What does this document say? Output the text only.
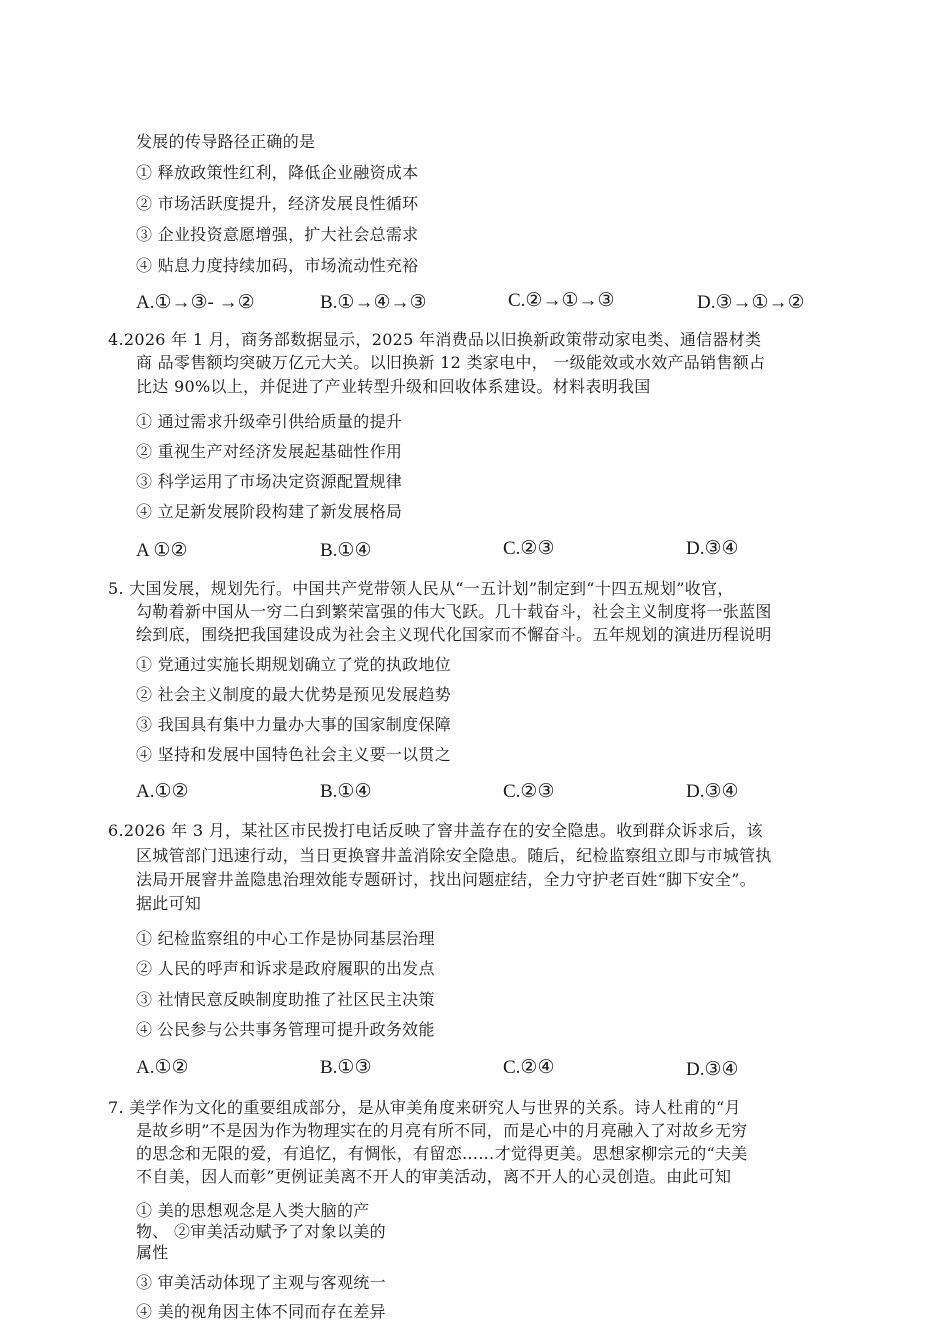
发展的传导路径正确的是
① 释放政策性红利，降低企业融资成本
② 市场活跃度提升，经济发展良性循环
③ 企业投资意愿增强，扩大社会总需求
④ 贴息力度持续加码，市场流动性充裕
A.①→③- →②	B.①→④→③	C.②→①→③	D.③→①→②
4.2026 年 1 月，商务部数据显示，2025 年消费品以旧换新政策带动家电类、通信器材类
商 品零售额均突破万亿元大关。以旧换新 12 类家电中， 一级能效或水效产品销售额占
比达 90%以上，并促进了产业转型升级和回收体系建设。材料表明我国
① 通过需求升级牵引供给质量的提升
② 重视生产对经济发展起基础性作用
③ 科学运用了市场决定资源配置规律
④ 立足新发展阶段构建了新发展格局
A ①②	B.①④	C.②③	D.③④
5. 大国发展，规划先行。中国共产党带领人民从“一五计划”制定到“十四五规划”收官，
勾勒着新中国从一穷二白到繁荣富强的伟大飞跃。几十载奋斗，社会主义制度将一张蓝图
绘到底，围绕把我国建设成为社会主义现代化国家而不懈奋斗。五年规划的演进历程说明
① 党通过实施长期规划确立了党的执政地位
② 社会主义制度的最大优势是预见发展趋势
③ 我国具有集中力量办大事的国家制度保障
④ 坚持和发展中国特色社会主义要一以贯之
A.①②	B.①④	C.②③	D.③④
6.2026 年 3 月，某社区市民拨打电话反映了窨井盖存在的安全隐患。收到群众诉求后，该
区城管部门迅速行动，当日更换窨井盖消除安全隐患。随后，纪检监察组立即与市城管执
法局开展窨井盖隐患治理效能专题研讨，找出问题症结，全力守护老百姓“脚下安全”。
据此可知
① 纪检监察组的中心工作是协同基层治理
② 人民的呼声和诉求是政府履职的出发点
③ 社情民意反映制度助推了社区民主决策
④ 公民参与公共事务管理可提升政务效能
A.①②	B.①③	C.②④	D.③④
7. 美学作为文化的重要组成部分，是从审美角度来研究人与世界的关系。诗人杜甫的“月
是故乡明”不是因为作为物理实在的月亮有所不同，而是心中的月亮融入了对故乡无穷
的思念和无限的爱，有追忆，有惆怅，有留恋……才觉得更美。思想家柳宗元的“夫美
不自美，因人而彰”更例证美离不开人的审美活动，离不开人的心灵创造。由此可知
① 美的思想观念是人类大脑的产
物、 ②审美活动赋予了对象以美的
属性
③ 审美活动体现了主观与客观统一
④ 美的视角因主体不同而存在差异
